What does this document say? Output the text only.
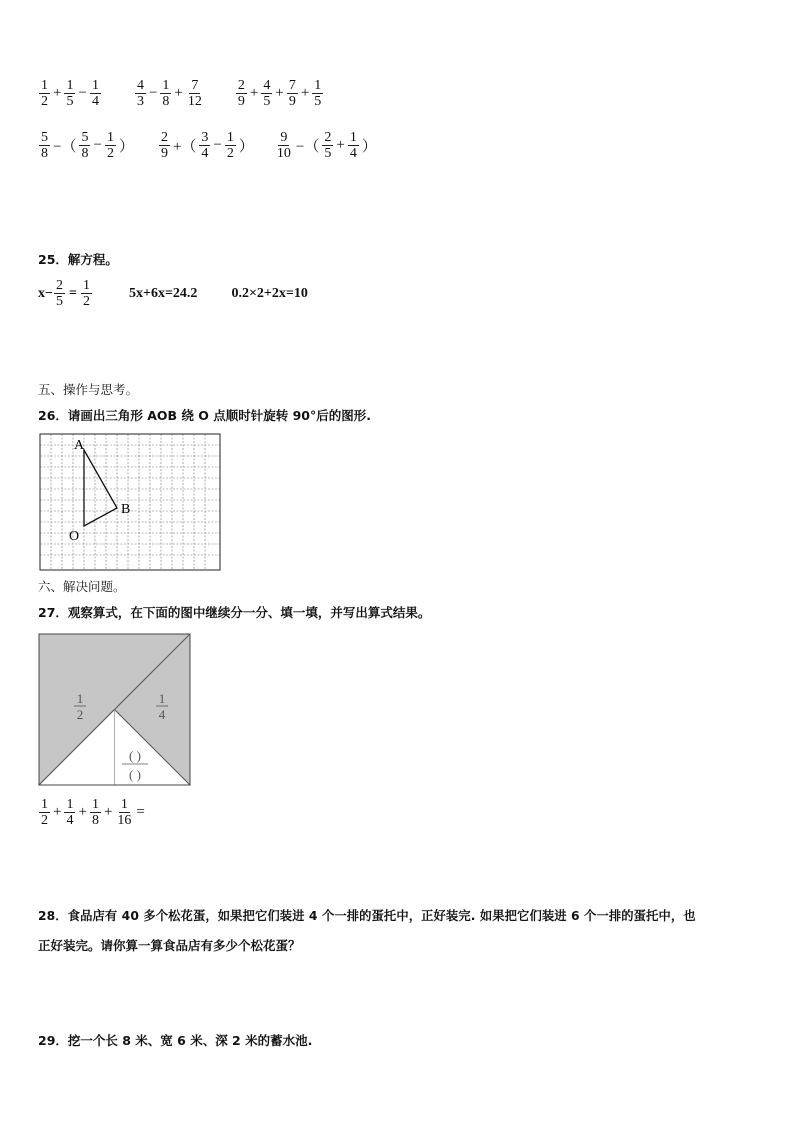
$\frac{1}{2} + \frac{1}{5} - \frac{1}{4} \frac{4}{3} - \frac{1}{8} + \frac{7}{12} \frac{2}{9} + \frac{4}{5} + \frac{7}{9} + \frac{1}{5}$
$\frac{5}{8}$ −（ $\frac{5}{8} - \frac{1}{2}$ ） $\frac{2}{9}$ +（ $\frac{3}{4} - \frac{1}{2}$ ） $\frac{9}{10}$ −（ $\frac{2}{5} + \frac{1}{4}$ ）
25．解方程。
$x- \frac{2}{5} = \frac{1}{2}$	5x+6x=24.2 0.2×2+2x=10
五、操作与思考。
26．请画出三角形 AOB 绕 O 点顺时针旋转 90°后的图形.
A
B
O
六、解决问题。
27．观察算式，在下面的图中继续分一分、填一填，并写出算式结果。
1
2
1
4
( )
( )
$\frac{1}{2} + \frac{1}{4} + \frac{1}{8} + \frac{1}{16}$ =
28．食品店有 40 多个松花蛋，如果把它们装进 4 个一排的蛋托中，正好装完. 如果把它们装进 6 个一排的蛋托中，也
正好装完。请你算一算食品店有多少个松花蛋？
29．挖一个长 8 米、宽 6 米、深 2 米的蓄水池.
